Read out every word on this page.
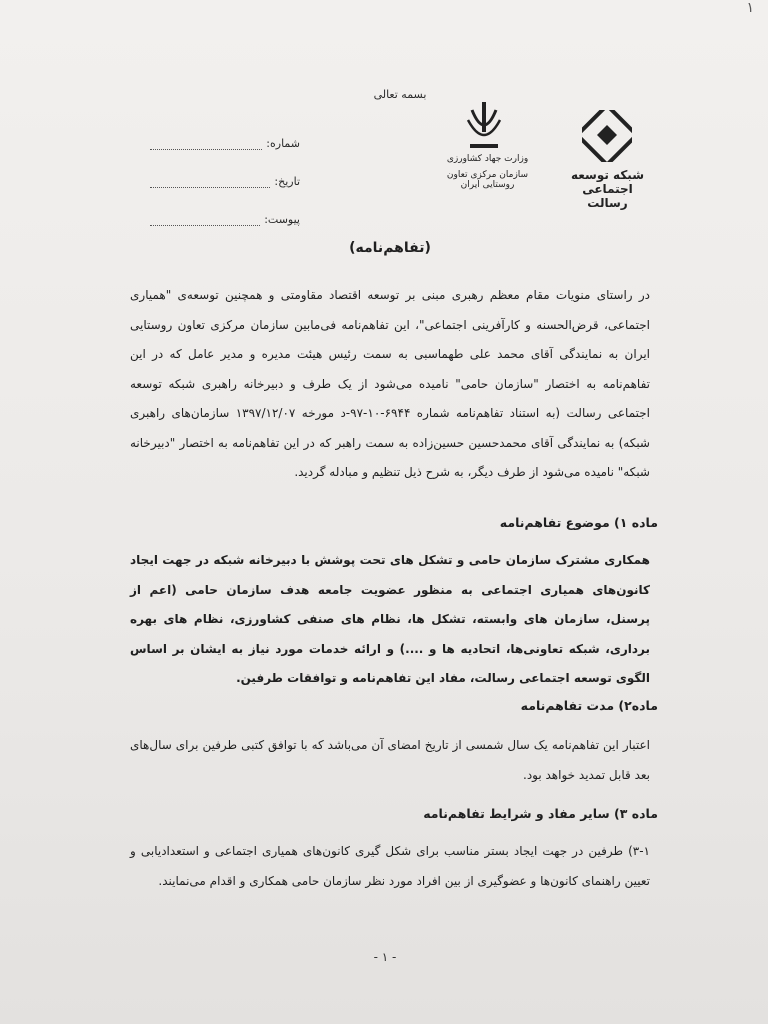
١
بسمه تعالی
شماره:
تاریخ:
پیوست:
وزارت جهاد کشاورزی
سازمان مرکزی تعاون روستایی ایران
شبکه توسعه اجتماعی رسالت
(تفاهم‌نامه)
در راستای منویات مقام معظم رهبری مبنی بر توسعه اقتصاد مقاومتی و همچنین توسعه‌ی "همیاری اجتماعی، قرض‌الحسنه و کارآفرینی اجتماعی"، این تفاهم‌نامه فی‌مابین سازمان مرکزی تعاون روستایی ایران به نمایندگی آقای محمد علی طهماسبی به سمت رئیس هیئت مدیره و مدیر عامل که در این تفاهم‌نامه به اختصار "سازمان حامی" نامیده می‌شود از یک طرف و دبیرخانه راهبری شبکه توسعه اجتماعی رسالت (به استناد تفاهم‌نامه شماره ۶۹۴۴-۱۰-۹۷-د مورخه ۱۳۹۷/۱۲/۰۷ سازمان‌های راهبری شبکه) به نمایندگی آقای محمدحسین حسین‌زاده به سمت راهبر که در این تفاهم‌نامه به اختصار "دبیرخانه شبکه" نامیده می‌شود از طرف دیگر، به شرح ذیل تنظیم و مبادله گردید.
ماده ۱) موضوع تفاهم‌نامه
همکاری مشترک سازمان حامی و تشکل های تحت پوشش با دبیرخانه شبکه در جهت ایجاد کانون‌های همیاری اجتماعی به منظور عضویت جامعه هدف سازمان حامی (اعم از پرسنل، سازمان های وابسته، تشکل ها، نظام های صنفی کشاورزی، نظام های بهره برداری، شبکه تعاونی‌ها، اتحادیه ها و ....) و ارائه خدمات مورد نیاز به ایشان بر اساس الگوی توسعه اجتماعی رسالت، مفاد این تفاهم‌نامه و توافقات طرفین.
ماده۲) مدت تفاهم‌نامه
اعتبار این تفاهم‌نامه یک سال شمسی از تاریخ امضای آن می‌باشد که با توافق کتبی طرفین برای سال‌های بعد قابل تمدید خواهد بود.
ماده ۳) سایر مفاد و شرایط تفاهم‌نامه
۳-۱) طرفین در جهت ایجاد بستر مناسب برای شکل گیری کانون‌های همیاری اجتماعی و استعدادیابی و تعیین راهنمای کانون‌ها و عضوگیری از بین افراد مورد نظر سازمان حامی همکاری و اقدام می‌نمایند.
- ۱ -
